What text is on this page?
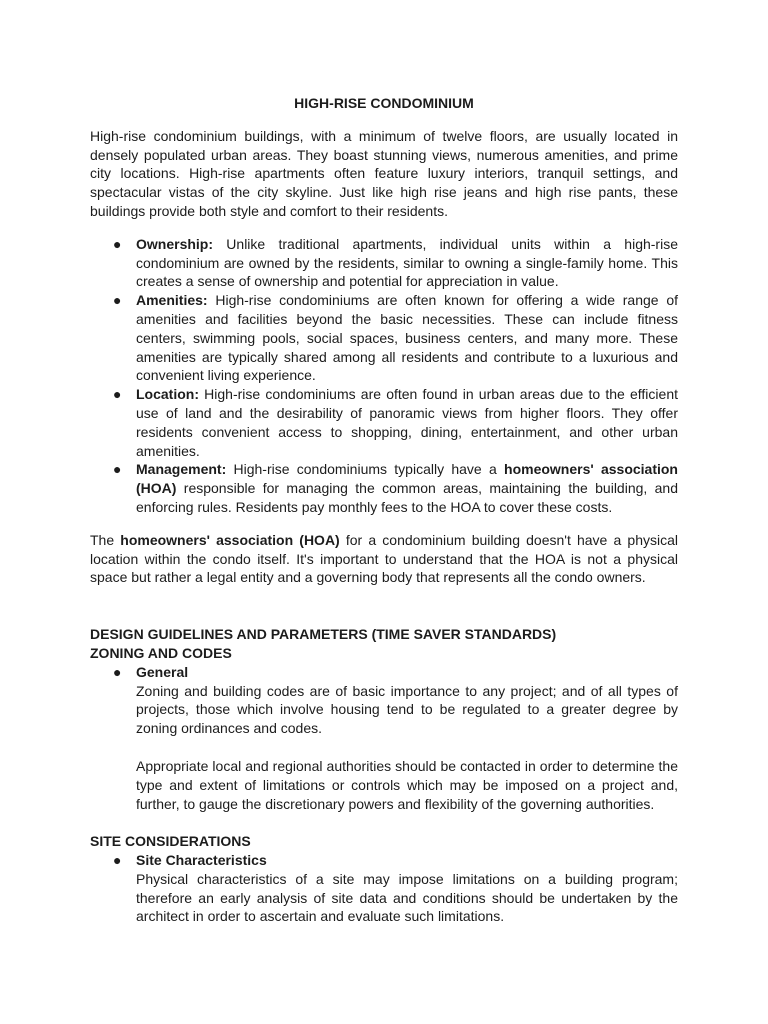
HIGH-RISE CONDOMINIUM

High-rise condominium buildings, with a minimum of twelve floors, are usually located in densely populated urban areas. They boast stunning views, numerous amenities, and prime city locations. High-rise apartments often feature luxury interiors, tranquil settings, and spectacular vistas of the city skyline. Just like high rise jeans and high rise pants, these buildings provide both style and comfort to their residents.

● Ownership: Unlike traditional apartments, individual units within a high-rise condominium are owned by the residents, similar to owning a single-family home. This creates a sense of ownership and potential for appreciation in value.
● Amenities: High-rise condominiums are often known for offering a wide range of amenities and facilities beyond the basic necessities. These can include fitness centers, swimming pools, social spaces, business centers, and many more. These amenities are typically shared among all residents and contribute to a luxurious and convenient living experience.
● Location: High-rise condominiums are often found in urban areas due to the efficient use of land and the desirability of panoramic views from higher floors. They offer residents convenient access to shopping, dining, entertainment, and other urban amenities.
● Management: High-rise condominiums typically have a homeowners' association (HOA) responsible for managing the common areas, maintaining the building, and enforcing rules. Residents pay monthly fees to the HOA to cover these costs.

The homeowners' association (HOA) for a condominium building doesn't have a physical location within the condo itself. It's important to understand that the HOA is not a physical space but rather a legal entity and a governing body that represents all the condo owners.

DESIGN GUIDELINES AND PARAMETERS (TIME SAVER STANDARDS)
ZONING AND CODES
● General

Zoning and building codes are of basic importance to any project; and of all types of projects, those which involve housing tend to be regulated to a greater degree by zoning ordinances and codes.

Appropriate local and regional authorities should be contacted in order to determine the type and extent of limitations or controls which may be imposed on a project and, further, to gauge the discretionary powers and flexibility of the governing authorities.

SITE CONSIDERATIONS
● Site Characteristics

Physical characteristics of a site may impose limitations on a building program; therefore an early analysis of site data and conditions should be undertaken by the architect in order to ascertain and evaluate such limitations.
